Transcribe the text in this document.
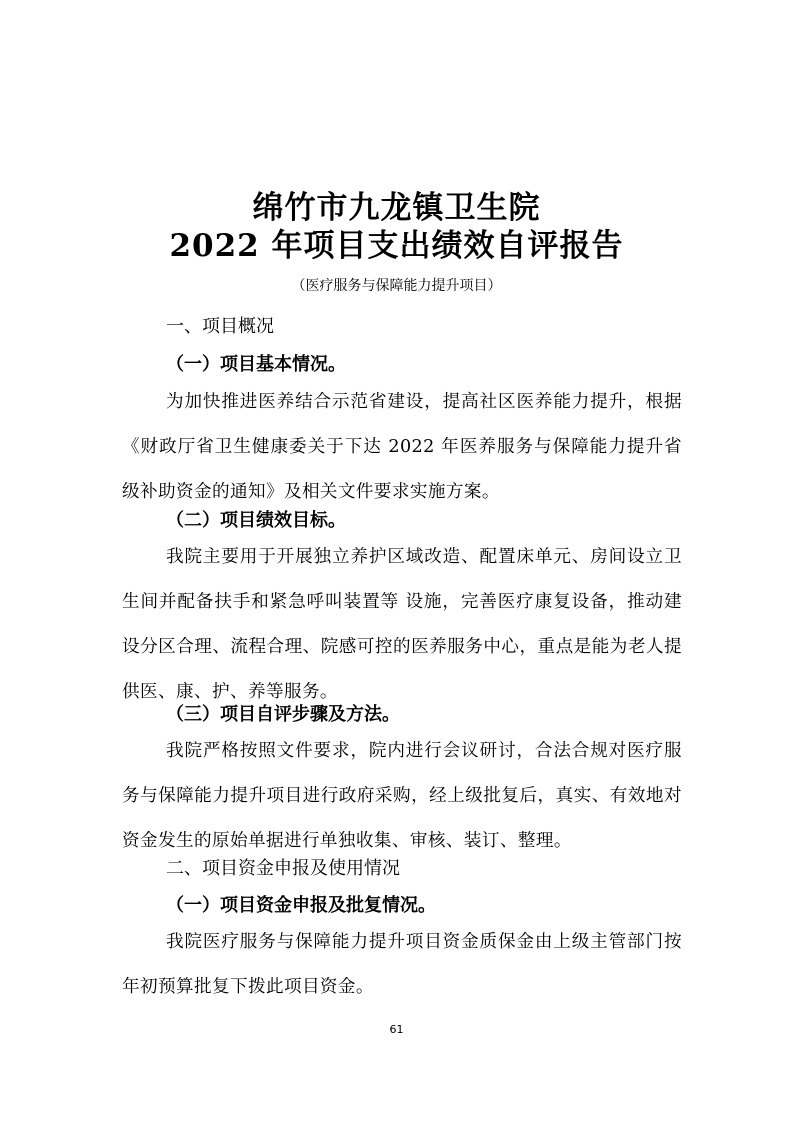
绵竹市九龙镇卫生院
2022 年项目支出绩效自评报告
（医疗服务与保障能力提升项目）
一、项目概况
（一）项目基本情况。
为加快推进医养结合示范省建设，提高社区医养能力提升，根据《财政厅省卫生健康委关于下达 2022 年医养服务与保障能力提升省级补助资金的通知》及相关文件要求实施方案。
（二）项目绩效目标。
我院主要用于开展独立养护区域改造、配置床单元、房间设立卫生间并配备扶手和紧急呼叫装置等 设施，完善医疗康复设备，推动建设分区合理、流程合理、院感可控的医养服务中心，重点是能为老人提供医、康、护、养等服务。
（三）项目自评步骤及方法。
我院严格按照文件要求，院内进行会议研讨，合法合规对医疗服务与保障能力提升项目进行政府采购，经上级批复后，真实、有效地对资金发生的原始单据进行单独收集、审核、装订、整理。
二、项目资金申报及使用情况
（一）项目资金申报及批复情况。
我院医疗服务与保障能力提升项目资金质保金由上级主管部门按年初预算批复下拨此项目资金。
61
